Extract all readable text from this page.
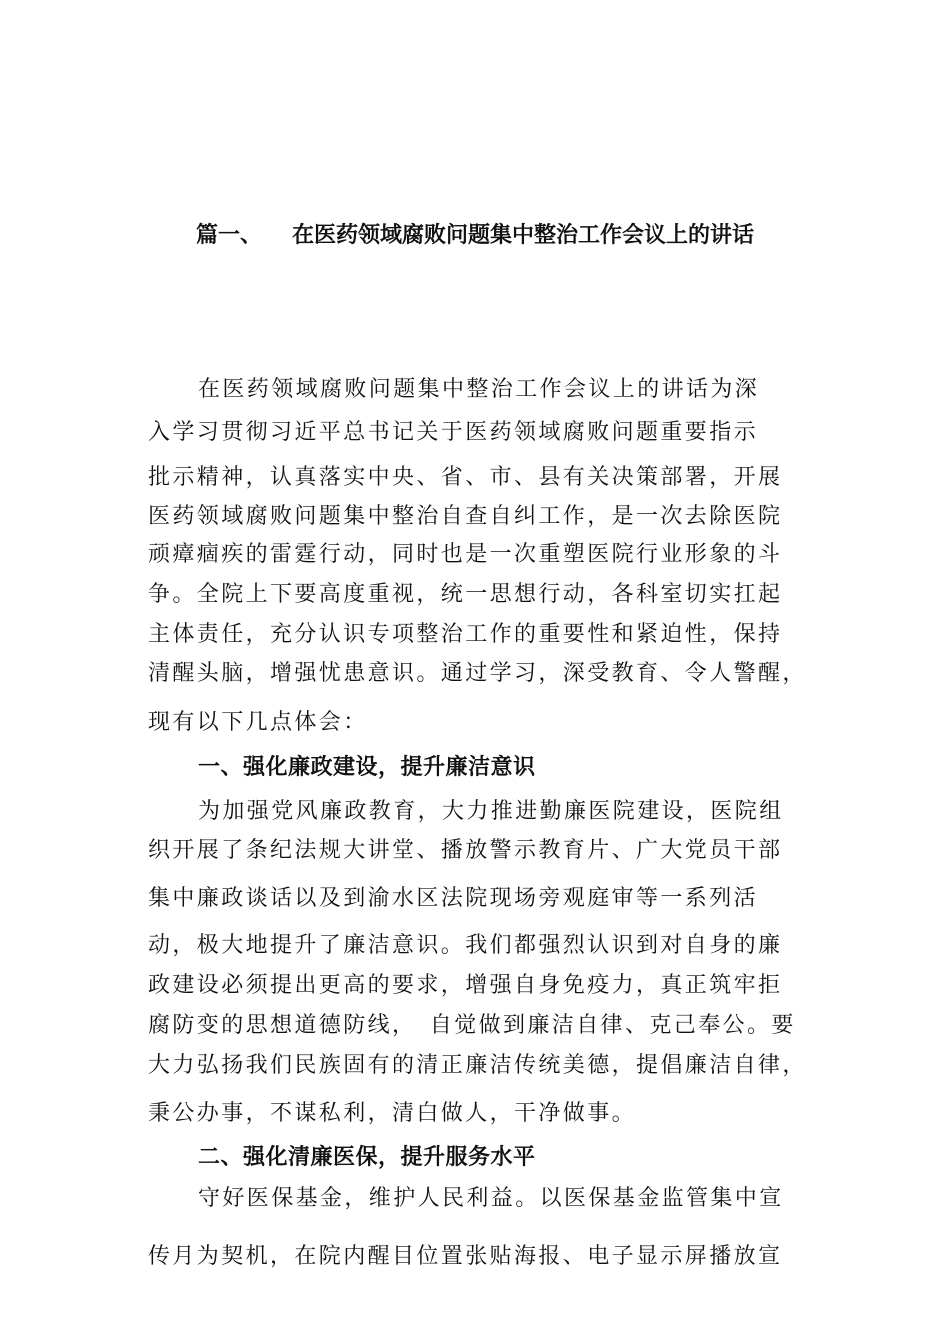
篇一、 在医药领域腐败问题集中整治工作会议上的讲话
在医药领域腐败问题集中整治工作会议上的讲话为深
入学习贯彻习近平总书记关于医药领域腐败问题重要指示
批示精神，认真落实中央、省、市、县有关决策部署，开展
医药领域腐败问题集中整治自查自纠工作，是一次去除医院
顽瘴痼疾的雷霆行动，同时也是一次重塑医院行业形象的斗
争。全院上下要高度重视，统一思想行动，各科室切实扛起
主体责任，充分认识专项整治工作的重要性和紧迫性，保持
清醒头脑，增强忧患意识。通过学习，深受教育、令人警醒，
现有以下几点体会：
一、强化廉政建设，提升廉洁意识
为加强党风廉政教育，大力推进勤廉医院建设，医院组
织开展了条纪法规大讲堂、播放警示教育片、广大党员干部
集中廉政谈话以及到渝水区法院现场旁观庭审等一系列活
动，极大地提升了廉洁意识。我们都强烈认识到对自身的廉
政建设必须提出更高的要求，增强自身免疫力，真正筑牢拒
腐防变的思想道德防线，　自觉做到廉洁自律、克己奉公。要
大力弘扬我们民族固有的清正廉洁传统美德，提倡廉洁自律，
秉公办事，不谋私利，清白做人，干净做事。
二、强化清廉医保，提升服务水平
守好医保基金，维护人民利益。以医保基金监管集中宣
传月为契机，在院内醒目位置张贴海报、电子显示屏播放宣
